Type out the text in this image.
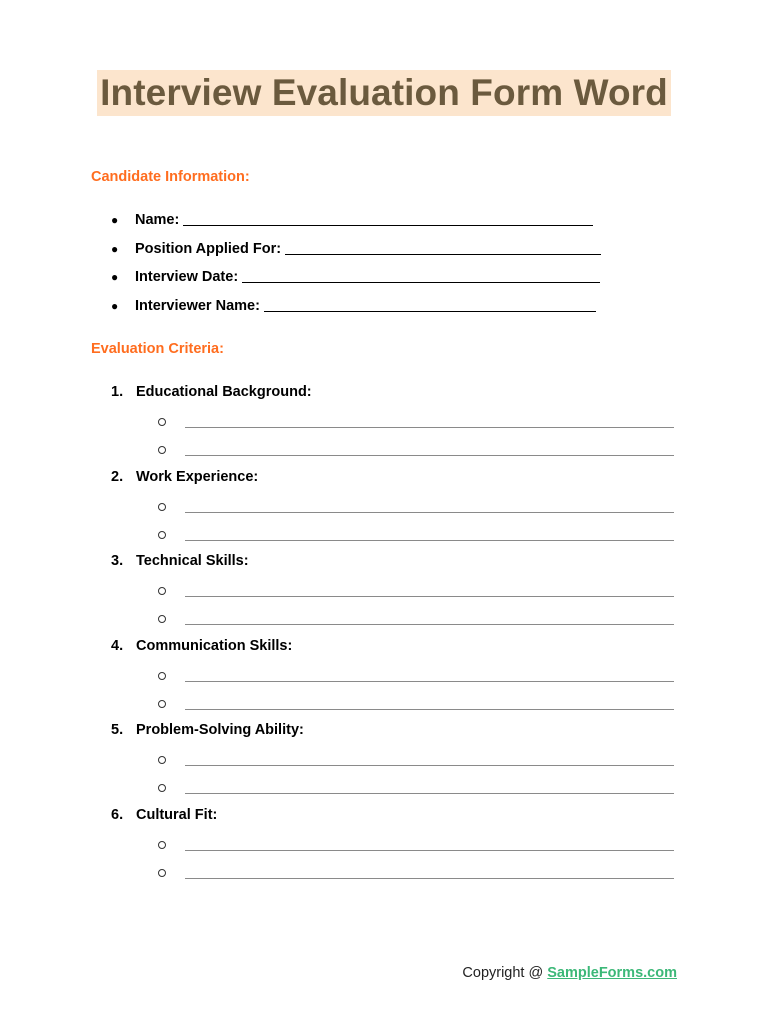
Interview Evaluation Form Word
Candidate Information:
●	Name:
●	Position Applied For:
●	Interview Date:
●	Interviewer Name:
Evaluation Criteria:
1. Educational Background:
2. Work Experience:
3. Technical Skills:
4. Communication Skills:
5. Problem-Solving Ability:
6. Cultural Fit:
Copyright @ SampleForms.com
